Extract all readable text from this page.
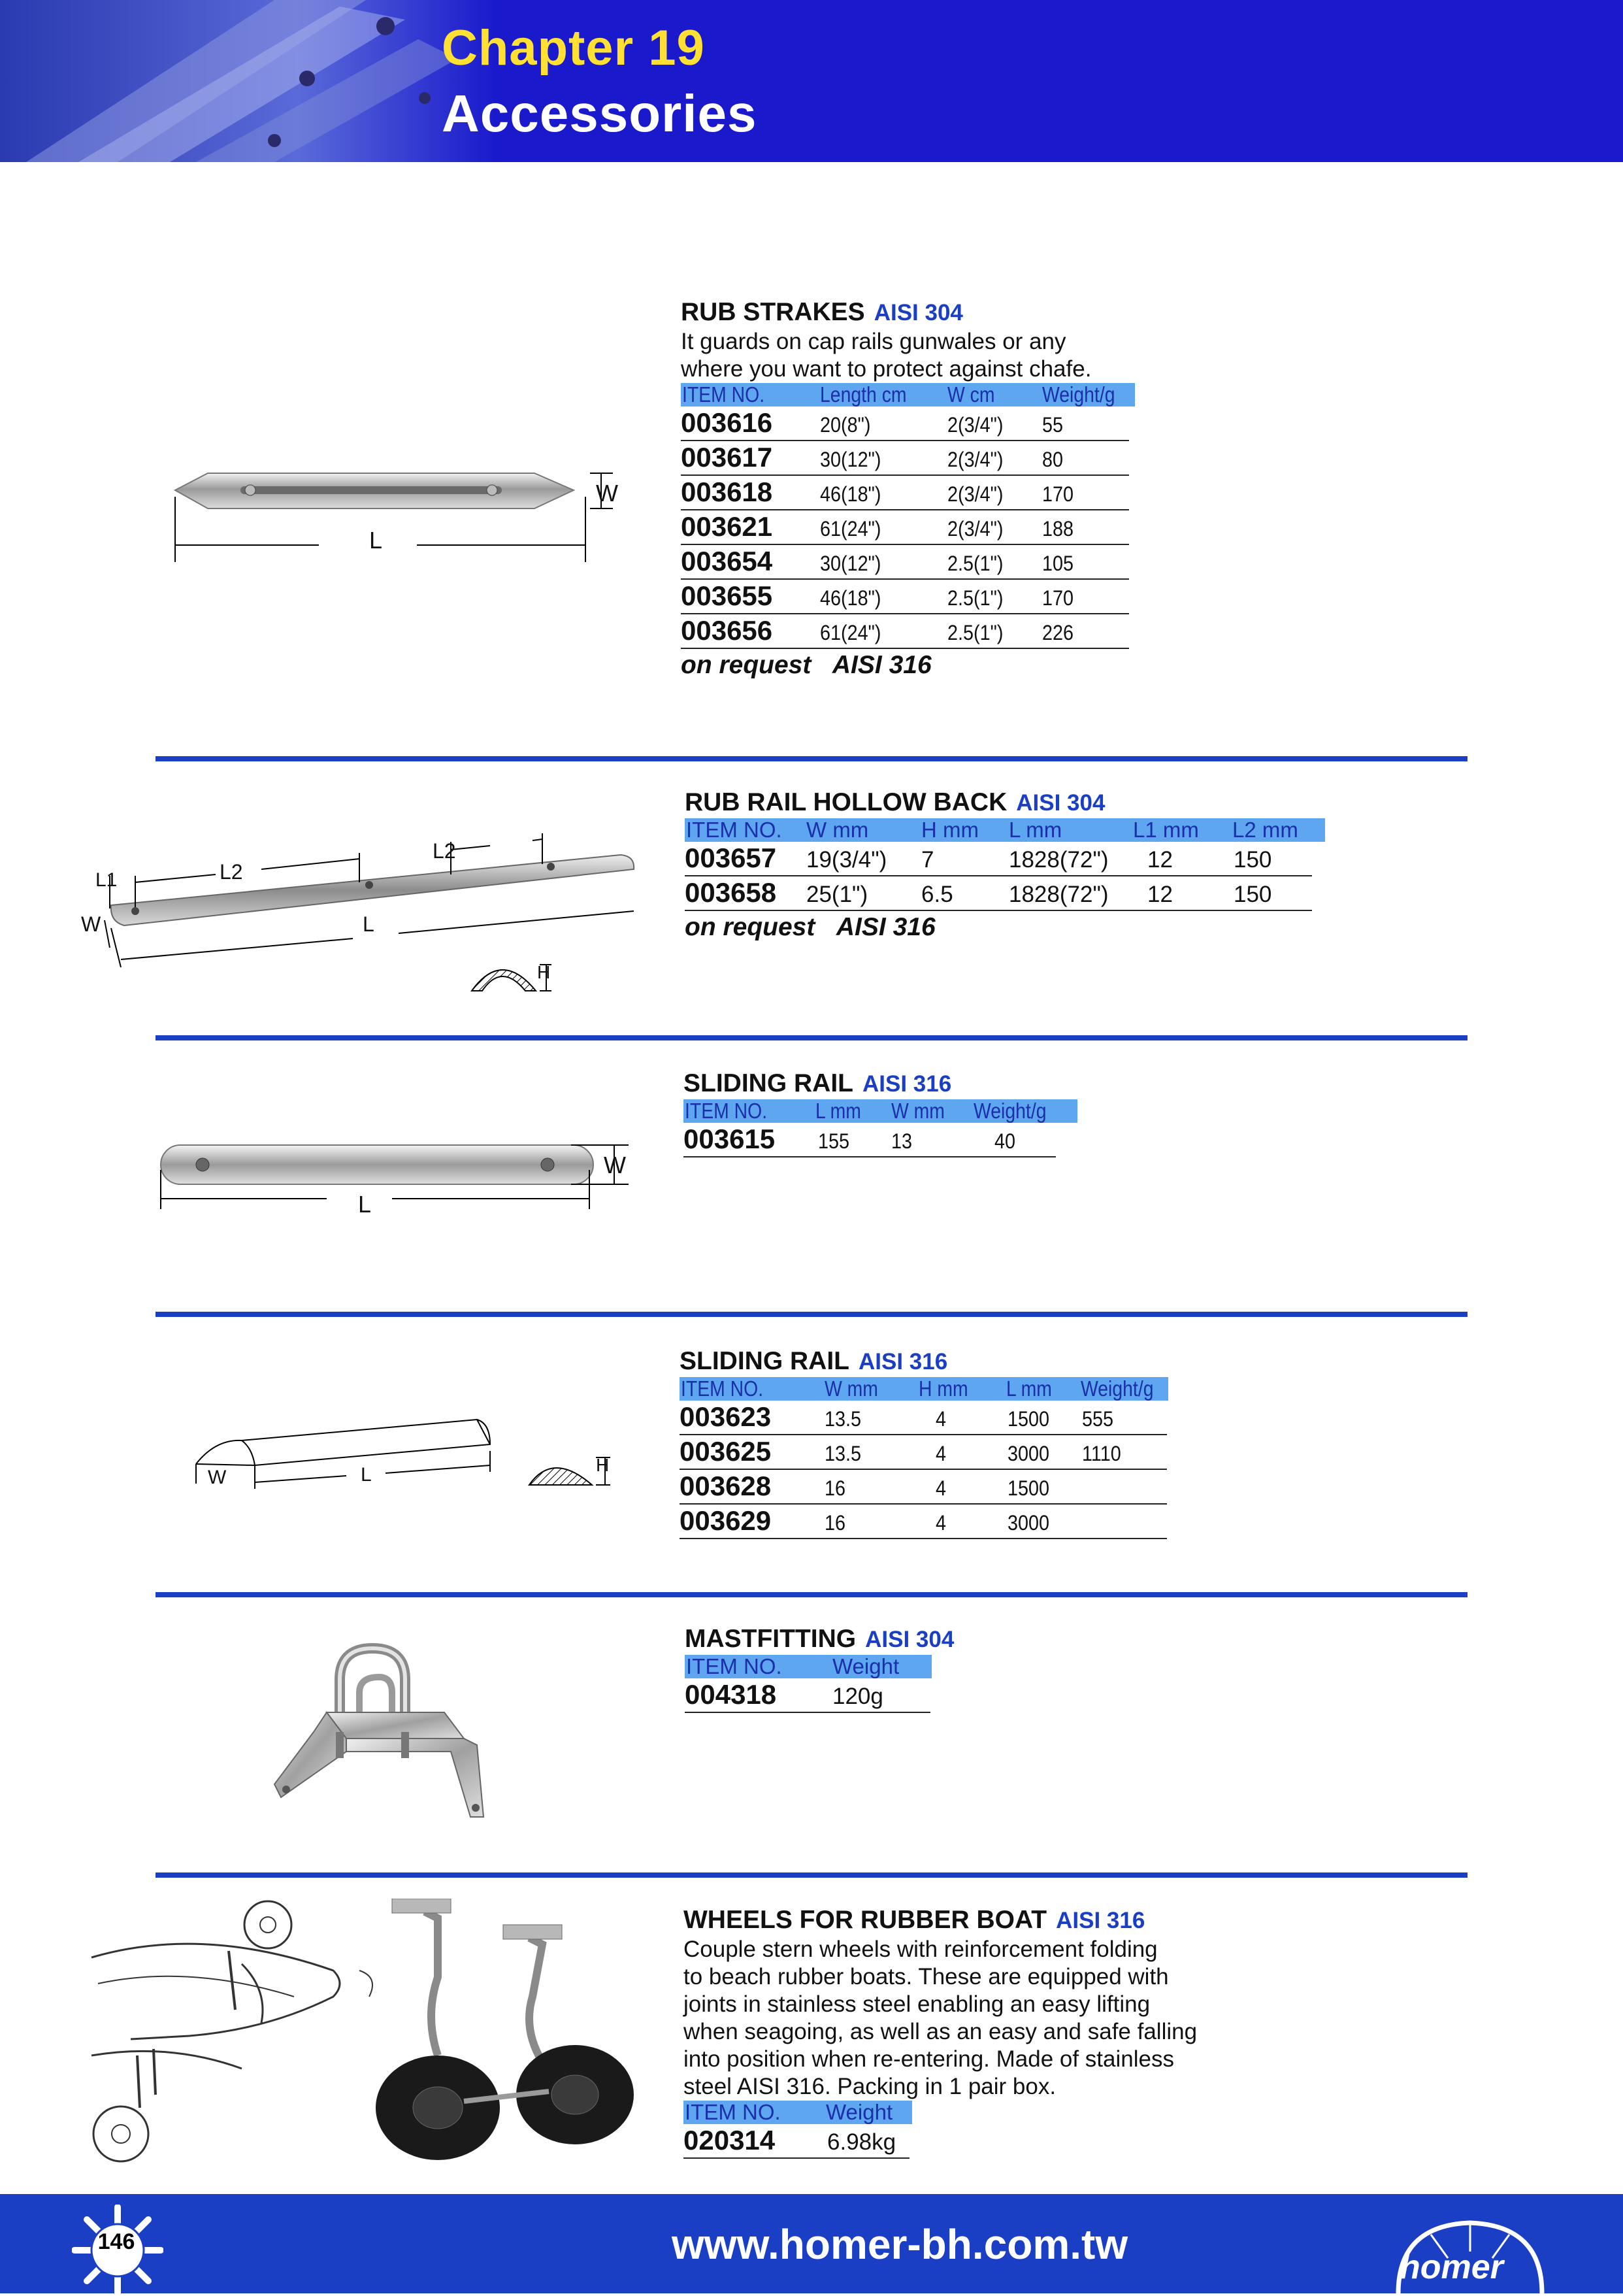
Chapter 19
Accessories
W
L
RUB STRAKES AISI 304
It guards on cap rails gunwales or any
where you want to protect against chafe.
ITEM NO.	Length cm W cm Weight/g
003616 20(8")	2(3/4") 55
003617 30(12")	2(3/4") 80
003618 46(18")	2(3/4") 170
003621 61(24")	2(3/4") 188
003654 30(12")	2.5(1") 105
003655 46(18")	2.5(1") 170
003656 61(24")	2.5(1") 226
on request AISI 316
L1	L2
L2
W	L
H
RUB RAIL HOLLOW BACK AISI 304
ITEM NO. W mm H mm L mm	L1 mm L2 mm
003657 19(3/4") 7	1828(72") 12	150
003658 25(1") 6.5 1828(72") 12	150
on request AISI 316
W
L
SLIDING RAIL AISI 316
ITEM NO. L mm W mm Weight/g
003615 155 13	40
W	L	H
SLIDING RAIL AISI 316
ITEM NO.	W mm H mm L mm Weight/g
003623	13.5	4	1500 555
003625	13.5	4	3000 1110
003628	16	4	1500
003629	16	4	3000
MASTFITTING AISI 304
ITEM NO. Weight
004318 120g
WHEELS FOR RUBBER BOAT AISI 316
Couple stern wheels with reinforcement folding
to beach rubber boats. These are equipped with
joints in stainless steel enabling an easy lifting
when seagoing, as well as an easy and safe falling
into position when re-entering. Made of stainless
steel AISI 316. Packing in 1 pair box.
ITEM NO. Weight
020314 6.98kg
146	www.homer-bh.com.tw	homer
